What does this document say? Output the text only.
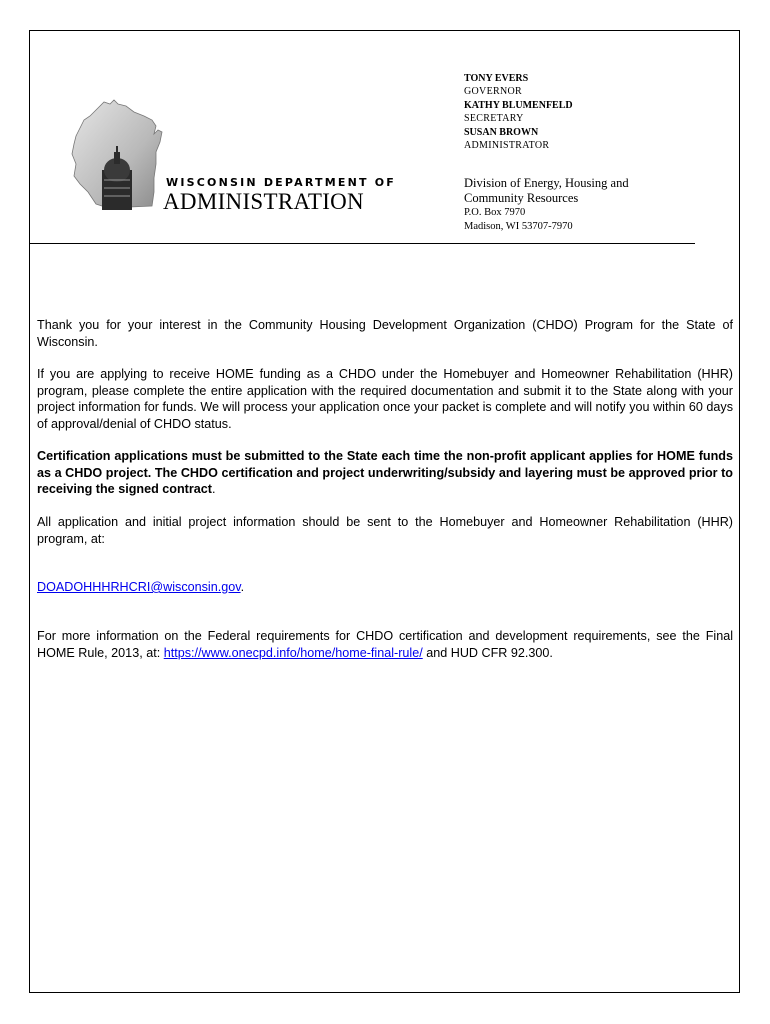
WISCONSIN DEPARTMENT OF
ADMINISTRATION
TONY EVERS
GOVERNOR
KATHY BLUMENFELD
SECRETARY
SUSAN BROWN
ADMINISTRATOR
Division of Energy, Housing and
Community Resources
P.O. Box 7970
Madison, WI 53707-7970

Thank you for your interest in the Community Housing Development Organization (CHDO) Program for the State of Wisconsin.

If you are applying to receive HOME funding as a CHDO under the Homebuyer and Homeowner Rehabilitation (HHR) program, please complete the entire application with the required documentation and submit it to the State along with your project information for funds. We will process your application once your packet is complete and will notify you within 60 days of approval/denial of CHDO status.

Certification applications must be submitted to the State each time the non-profit applicant applies for HOME funds as a CHDO project. The CHDO certification and project underwriting/subsidy and layering must be approved prior to receiving the signed contract.

All application and initial project information should be sent to the Homebuyer and Homeowner Rehabilitation (HHR) program, at:

DOADOHHHRHCRI@wisconsin.gov.

For more information on the Federal requirements for CHDO certification and development requirements, see the Final HOME Rule, 2013, at: https://www.onecpd.info/home/home-final-rule/ and HUD CFR 92.300.
